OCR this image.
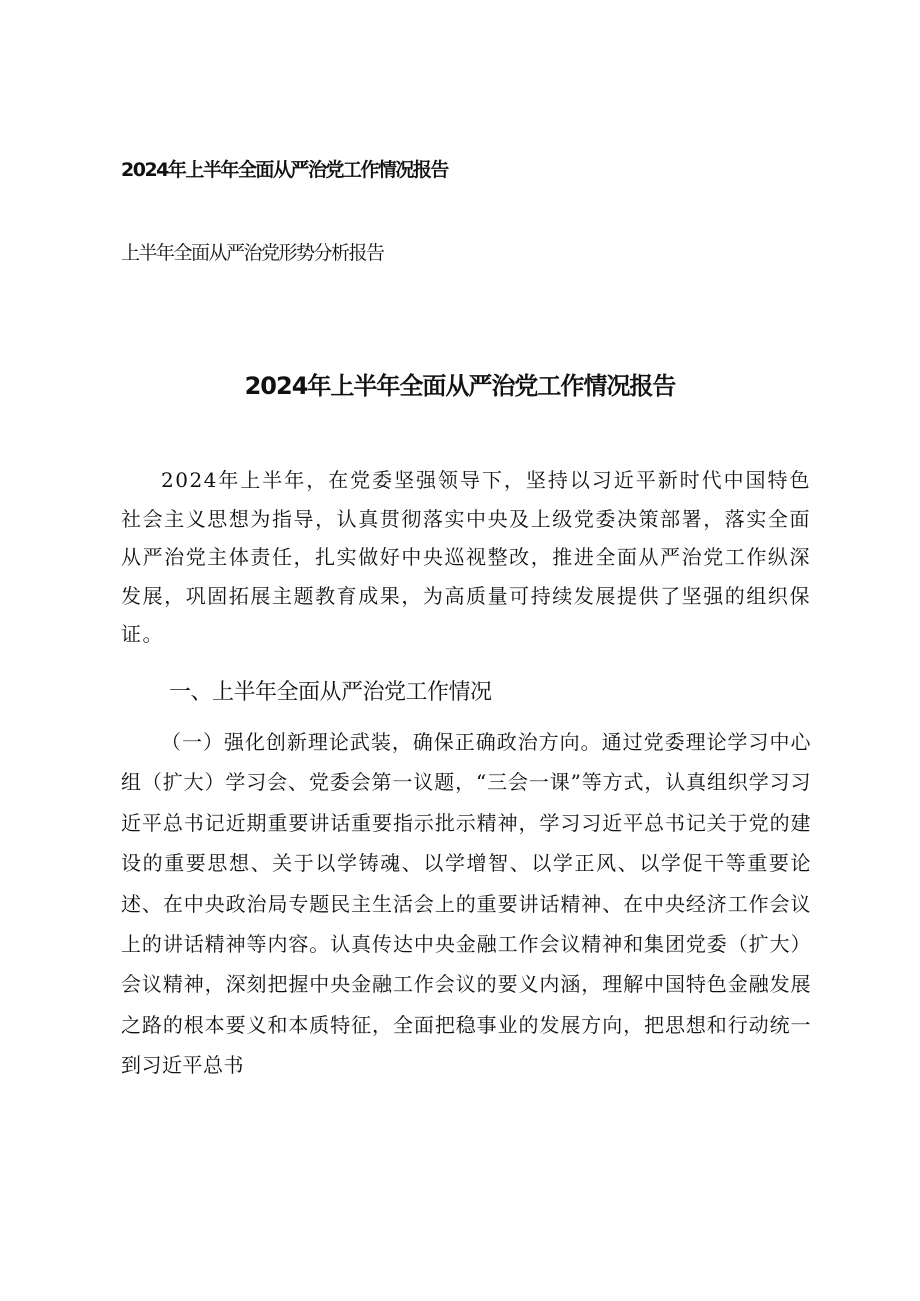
2024年上半年全面从严治党工作情况报告
上半年全面从严治党形势分析报告
2024年上半年全面从严治党工作情况报告

2024年上半年，在党委坚强领导下，坚持以习近平新时代中国特色社会主义思想为指导，认真贯彻落实中央及上级党委决策部署，落实全面从严治党主体责任，扎实做好中央巡视整改，推进全面从严治党工作纵深发展，巩固拓展主题教育成果，为高质量可持续发展提供了坚强的组织保证。

一、上半年全面从严治党工作情况

（一）强化创新理论武装，确保正确政治方向。通过党委理论学习中心组（扩大）学习会、党委会第一议题，“三会一课”等方式，认真组织学习习近平总书记近期重要讲话重要指示批示精神，学习习近平总书记关于党的建设的重要思想、关于以学铸魂、以学增智、以学正风、以学促干等重要论述、在中央政治局专题民主生活会上的重要讲话精神、在中央经济工作会议上的讲话精神等内容。认真传达中央金融工作会议精神和集团党委（扩大）会议精神，深刻把握中央金融工作会议的要义内涵，理解中国特色金融发展之路的根本要义和本质特征，全面把稳事业的发展方向，把思想和行动统一到习近平总书
